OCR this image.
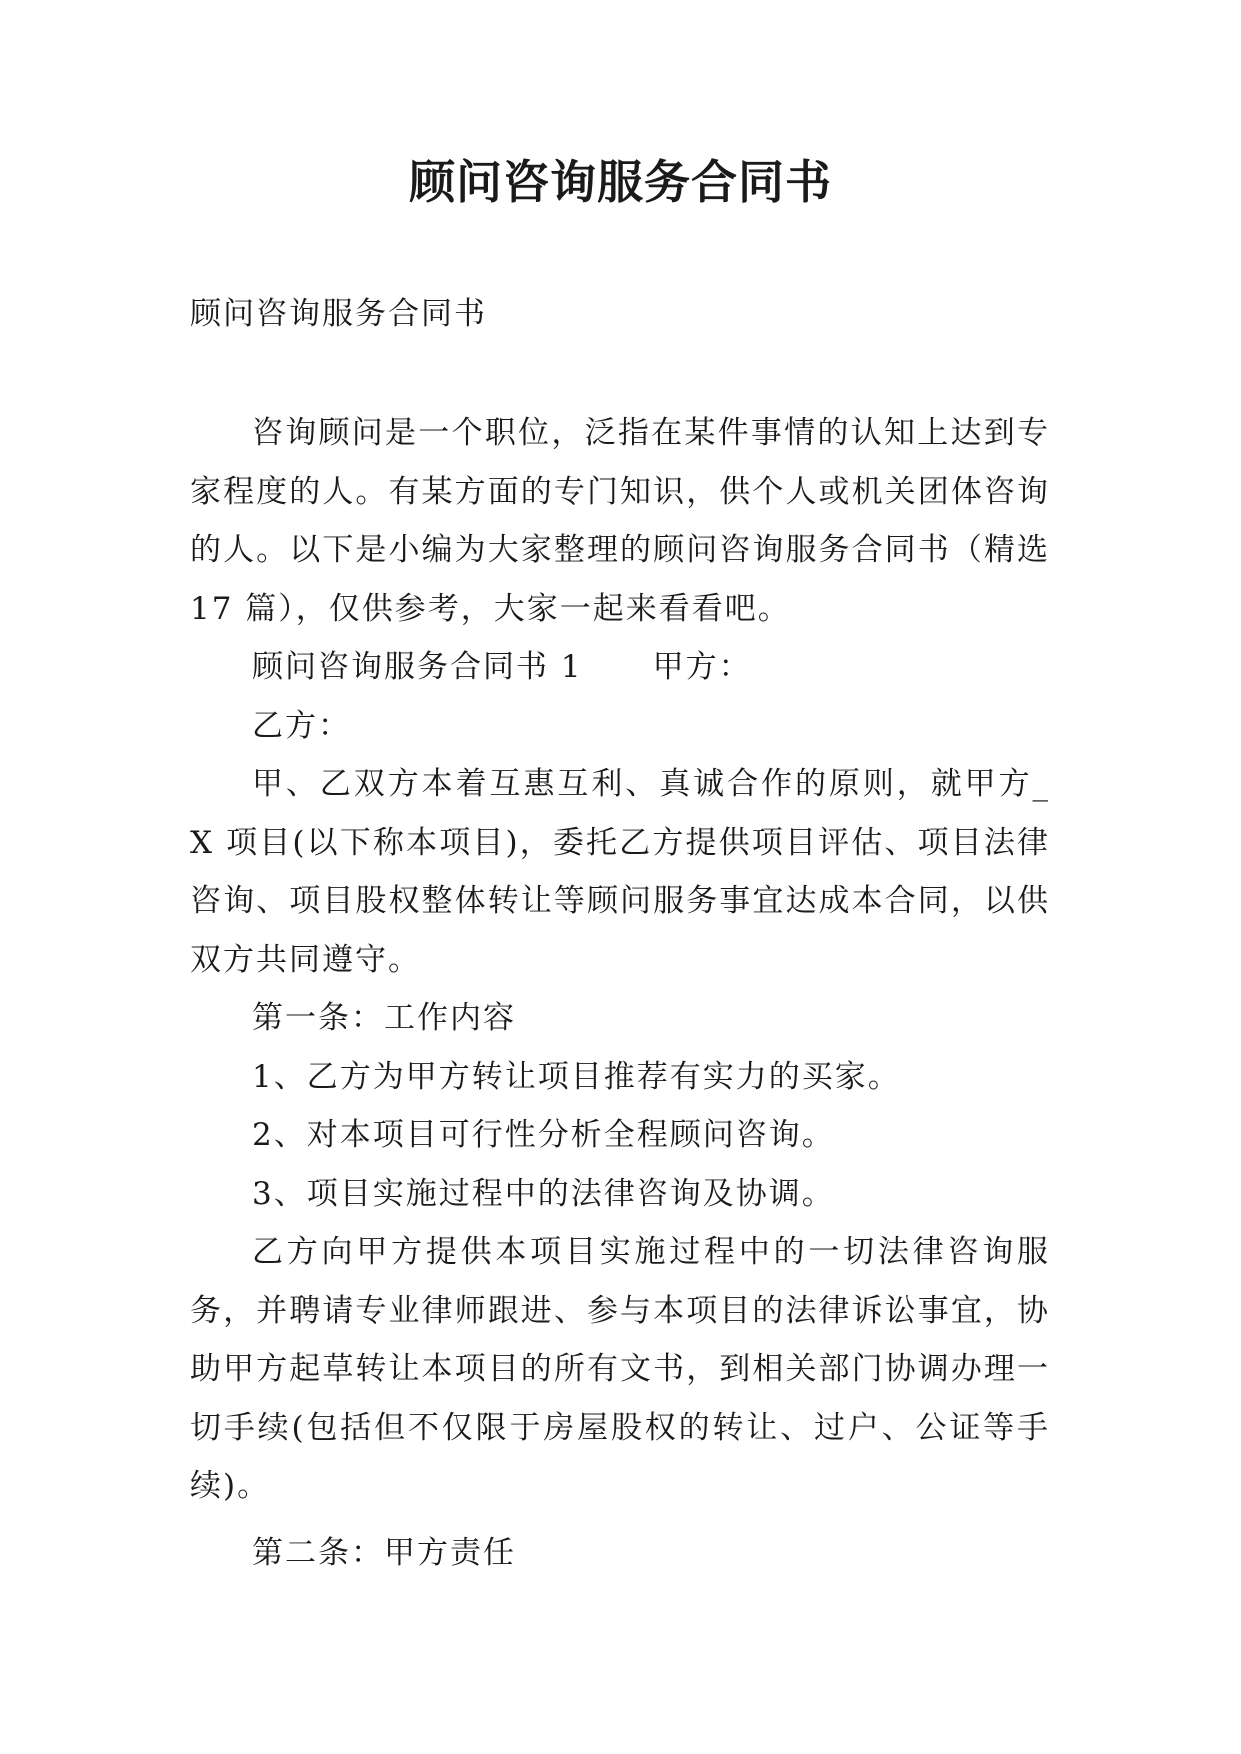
顾问咨询服务合同书
顾问咨询服务合同书

咨询顾问是一个职位，泛指在某件事情的认知上达到专家程度的人。有某方面的专门知识，供个人或机关团体咨询的人。以下是小编为大家整理的顾问咨询服务合同书（精选17 篇），仅供参考，大家一起来看看吧。

顾问咨询服务合同书 1 甲方：

乙方：

甲、乙双方本着互惠互利、真诚合作的原则，就甲方_X 项目(以下称本项目)，委托乙方提供项目评估、项目法律咨询、项目股权整体转让等顾问服务事宜达成本合同，以供双方共同遵守。

第一条：工作内容

1、乙方为甲方转让项目推荐有实力的买家。

2、对本项目可行性分析全程顾问咨询。

3、项目实施过程中的法律咨询及协调。

乙方向甲方提供本项目实施过程中的一切法律咨询服务，并聘请专业律师跟进、参与本项目的法律诉讼事宜，协助甲方起草转让本项目的所有文书，到相关部门协调办理一切手续(包括但不仅限于房屋股权的转让、过户、公证等手续)。

第二条：甲方责任
